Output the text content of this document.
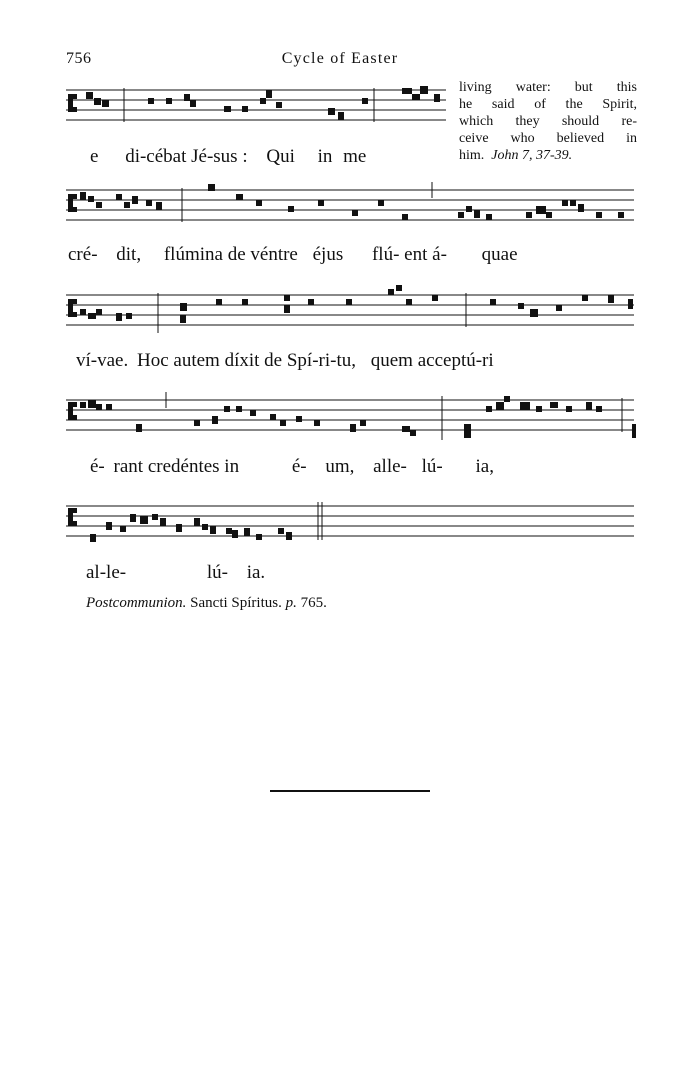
756	Cycle of Easter
living water: but this
he said of the Spirit,
which they should re-
ceive who believed in
him. John 7, 37-39.
e di-cébat Jé-sus : Qui in me
cré- dit, flúmina de véntre éjus flú- ent á- quae
ví-vae. Hoc autem díxit de Spí-ri-tu, quem acceptú-ri
é- rant credéntes in	é- um, alle- lú- ia,
al-le-	lú- ia.
Postcommunion. Sancti Spíritus. p. 765.
